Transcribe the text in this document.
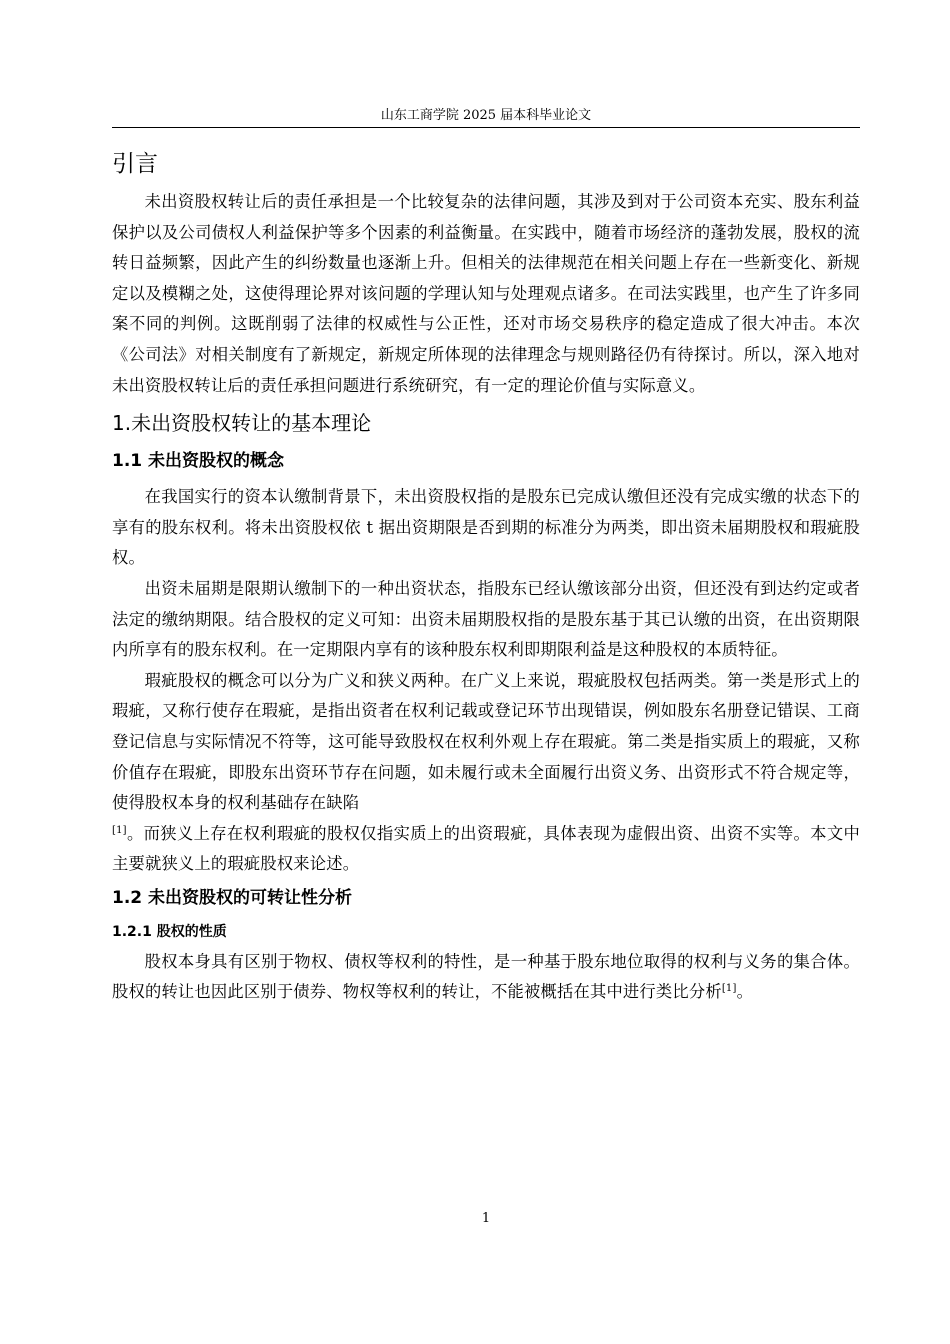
山东工商学院 2025 届本科毕业论文
引言

未出资股权转让后的责任承担是一个比较复杂的法律问题，其涉及到对于公司资本充实、股东利益保护以及公司债权人利益保护等多个因素的利益衡量。在实践中，随着市场经济的蓬勃发展，股权的流转日益频繁，因此产生的纠纷数量也逐渐上升。但相关的法律规范在相关问题上存在一些新变化、新规定以及模糊之处，这使得理论界对该问题的学理认知与处理观点诸多。在司法实践里，也产生了许多同案不同的判例。这既削弱了法律的权威性与公正性，还对市场交易秩序的稳定造成了很大冲击。本次《公司法》对相关制度有了新规定，新规定所体现的法律理念与规则路径仍有待探讨。所以，深入地对未出资股权转让后的责任承担问题进行系统研究，有一定的理论价值与实际意义。

1.未出资股权转让的基本理论
1.1 未出资股权的概念

在我国实行的资本认缴制背景下，未出资股权指的是股东已完成认缴但还没有完成实缴的状态下的享有的股东权利。将未出资股权依 t 据出资期限是否到期的标准分为两类，即出资未届期股权和瑕疵股权。

出资未届期是限期认缴制下的一种出资状态，指股东已经认缴该部分出资，但还没有到达约定或者法定的缴纳期限。结合股权的定义可知：出资未届期股权指的是股东基于其已认缴的出资，在出资期限内所享有的股东权利。在一定期限内享有的该种股东权利即期限利益是这种股权的本质特征。

瑕疵股权的概念可以分为广义和狭义两种。在广义上来说，瑕疵股权包括两类。第一类是形式上的瑕疵，又称行使存在瑕疵，是指出资者在权利记载或登记环节出现错误，例如股东名册登记错误、工商登记信息与实际情况不符等，这可能导致股权在权利外观上存在瑕疵。第二类是指实质上的瑕疵，又称价值存在瑕疵，即股东出资环节存在问题，如未履行或未全面履行出资义务、出资形式不符合规定等，使得股权本身的权利基础存在缺陷
[1]。而狭义上存在权利瑕疵的股权仅指实质上的出资瑕疵，具体表现为虚假出资、出资不实等。本文中主要就狭义上的瑕疵股权来论述。

1.2 未出资股权的可转让性分析
1.2.1 股权的性质

股权本身具有区别于物权、债权等权利的特性，是一种基于股东地位取得的权利与义务的集合体。股权的转让也因此区别于债券、物权等权利的转让，不能被概括在其中进行类比分析[1]。

1
